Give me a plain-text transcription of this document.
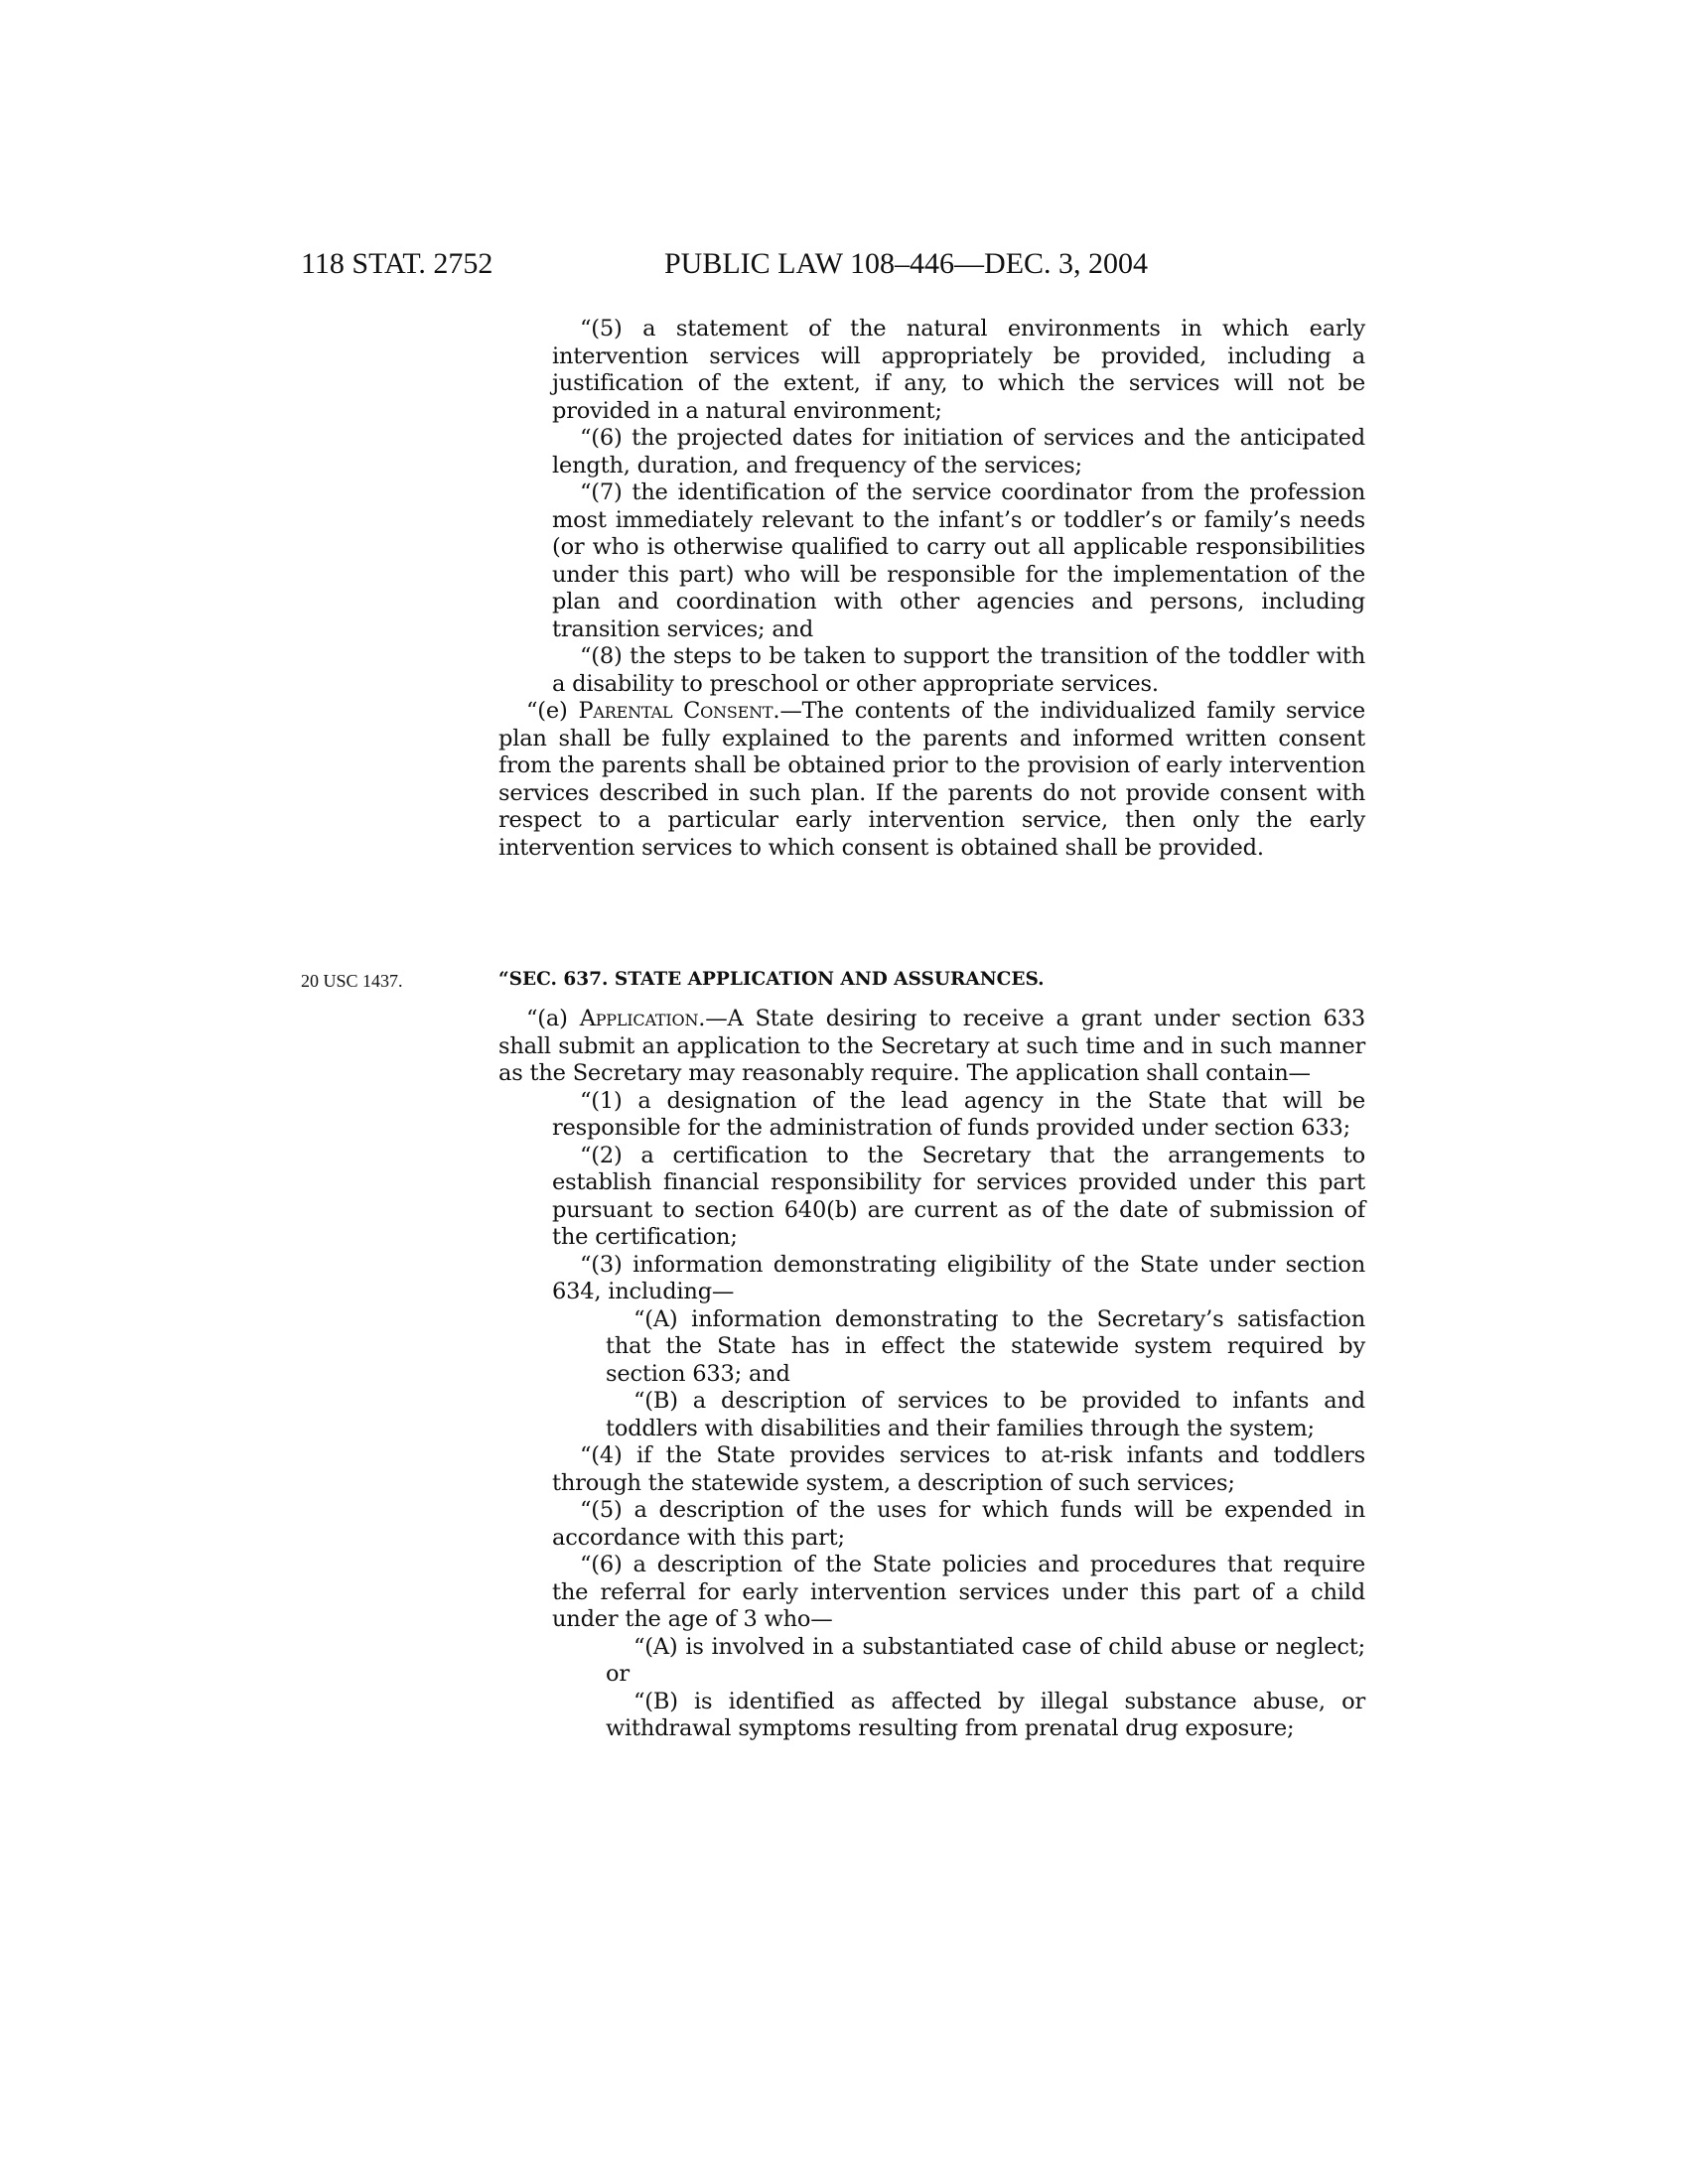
118 STAT. 2752	PUBLIC LAW 108–446—DEC. 3, 2004
20 USC 1437.

“(5) a statement of the natural environments in which early intervention services will appropriately be provided, including a justification of the extent, if any, to which the services will not be provided in a natural environment;

“(6) the projected dates for initiation of services and the anticipated length, duration, and frequency of the services;

“(7) the identification of the service coordinator from the profession most immediately relevant to the infant’s or toddler’s or family’s needs (or who is otherwise qualified to carry out all applicable responsibilities under this part) who will be responsible for the implementation of the plan and coordination with other agencies and persons, including transition services; and

“(8) the steps to be taken to support the transition of the toddler with a disability to preschool or other appropriate services.

“(e) Parental Consent.—The contents of the individualized family service plan shall be fully explained to the parents and informed written consent from the parents shall be obtained prior to the provision of early intervention services described in such plan. If the parents do not provide consent with respect to a particular early intervention service, then only the early intervention services to which consent is obtained shall be provided.

“SEC. 637. STATE APPLICATION AND ASSURANCES.

“(a) Application.—A State desiring to receive a grant under section 633 shall submit an application to the Secretary at such time and in such manner as the Secretary may reasonably require. The application shall contain—

“(1) a designation of the lead agency in the State that will be responsible for the administration of funds provided under section 633;

“(2) a certification to the Secretary that the arrangements to establish financial responsibility for services provided under this part pursuant to section 640(b) are current as of the date of submission of the certification;

“(3) information demonstrating eligibility of the State under section 634, including—

“(A) information demonstrating to the Secretary’s satisfaction that the State has in effect the statewide system required by section 633; and

“(B) a description of services to be provided to infants and toddlers with disabilities and their families through the system;

“(4) if the State provides services to at-risk infants and toddlers through the statewide system, a description of such services;

“(5) a description of the uses for which funds will be expended in accordance with this part;

“(6) a description of the State policies and procedures that require the referral for early intervention services under this part of a child under the age of 3 who—

“(A) is involved in a substantiated case of child abuse or neglect; or

“(B) is identified as affected by illegal substance abuse, or withdrawal symptoms resulting from prenatal drug exposure;
